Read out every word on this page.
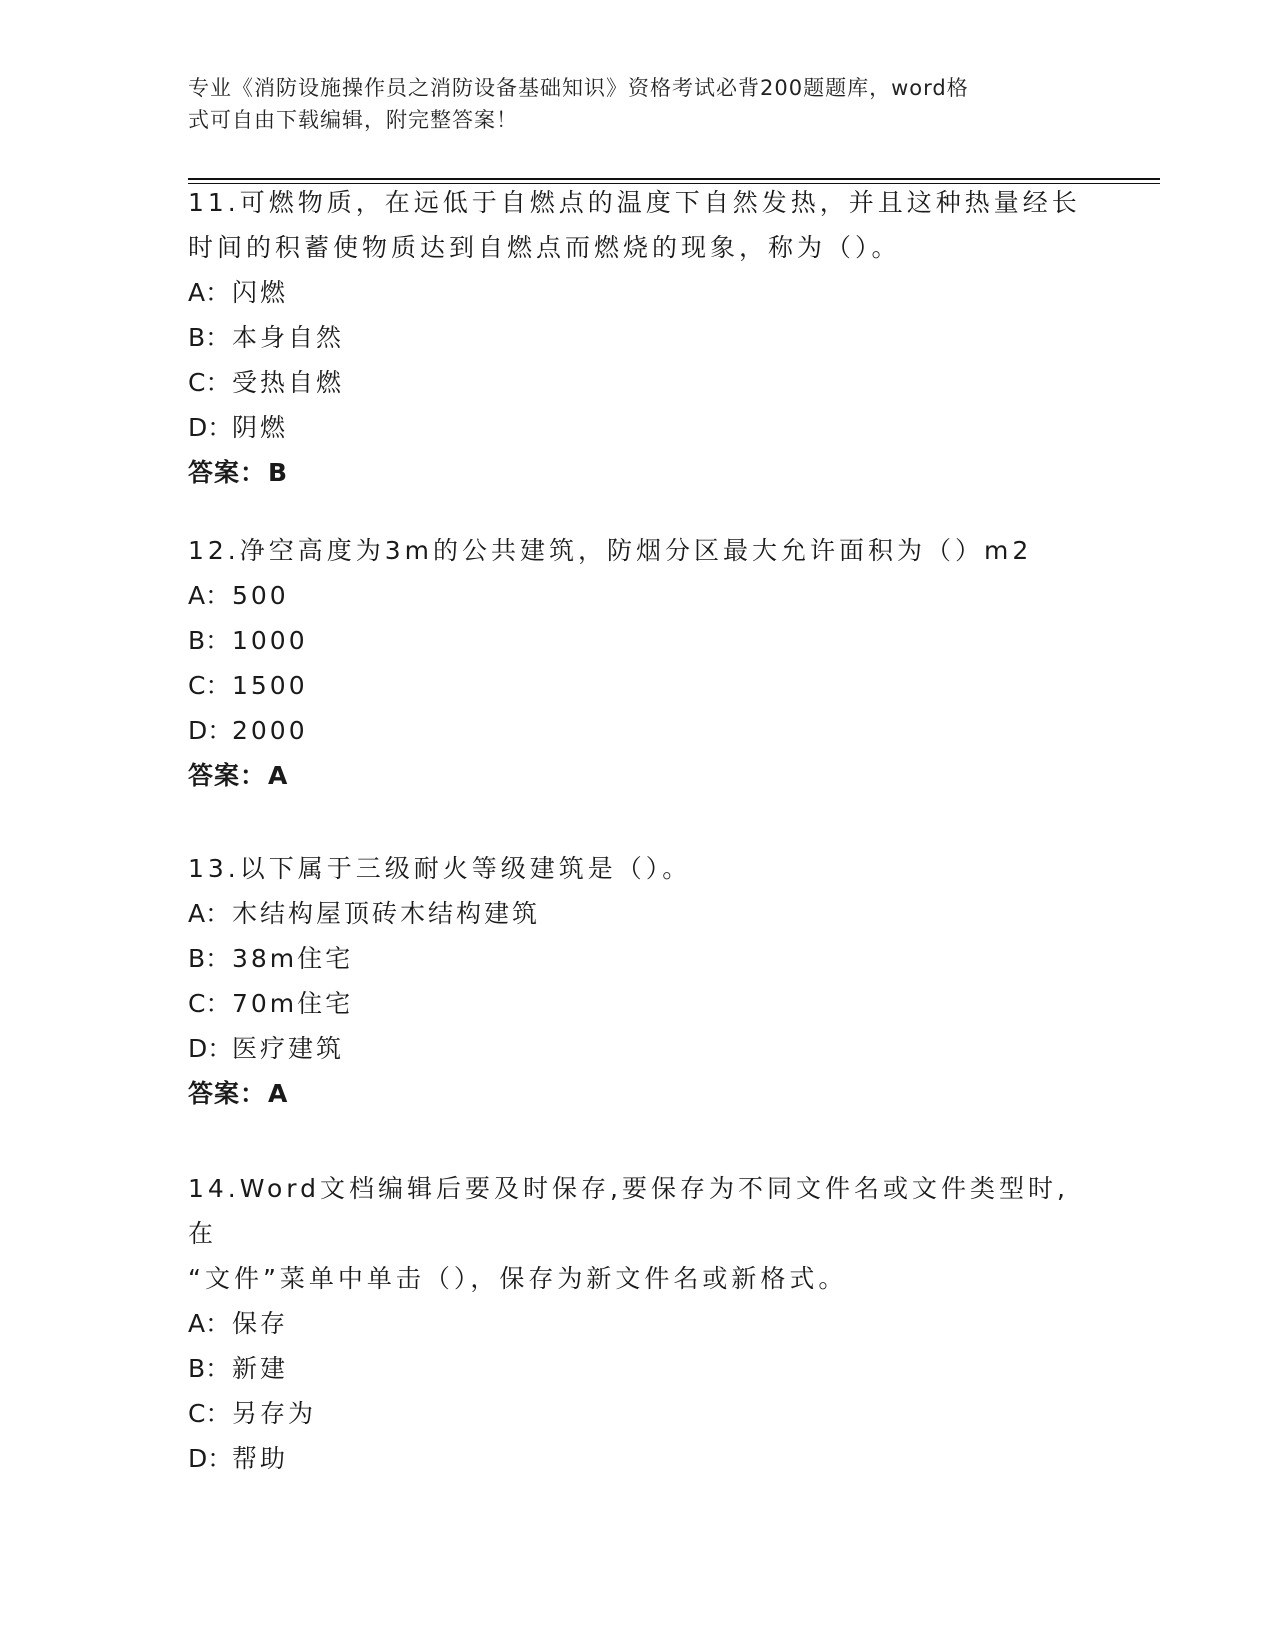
专业《消防设施操作员之消防设备基础知识》资格考试必背200题题库，word格
式可自由下载编辑，附完整答案！
11.可燃物质，在远低于自燃点的温度下自然发热，并且这种热量经长
时间的积蓄使物质达到自燃点而燃烧的现象，称为（）。
A：闪燃
B：本身自然
C：受热自燃
D：阴燃
答案：B
12.净空高度为3m的公共建筑，防烟分区最大允许面积为（）m2
A：500
B：1000
C：1500
D：2000
答案：A
13.以下属于三级耐火等级建筑是（）。
A：木结构屋顶砖木结构建筑
B：38m住宅
C：70m住宅
D：医疗建筑
答案：A
14.Word文档编辑后要及时保存,要保存为不同文件名或文件类型时,在
“文件”菜单中单击（），保存为新文件名或新格式。
A：保存
B：新建
C：另存为
D：帮助
